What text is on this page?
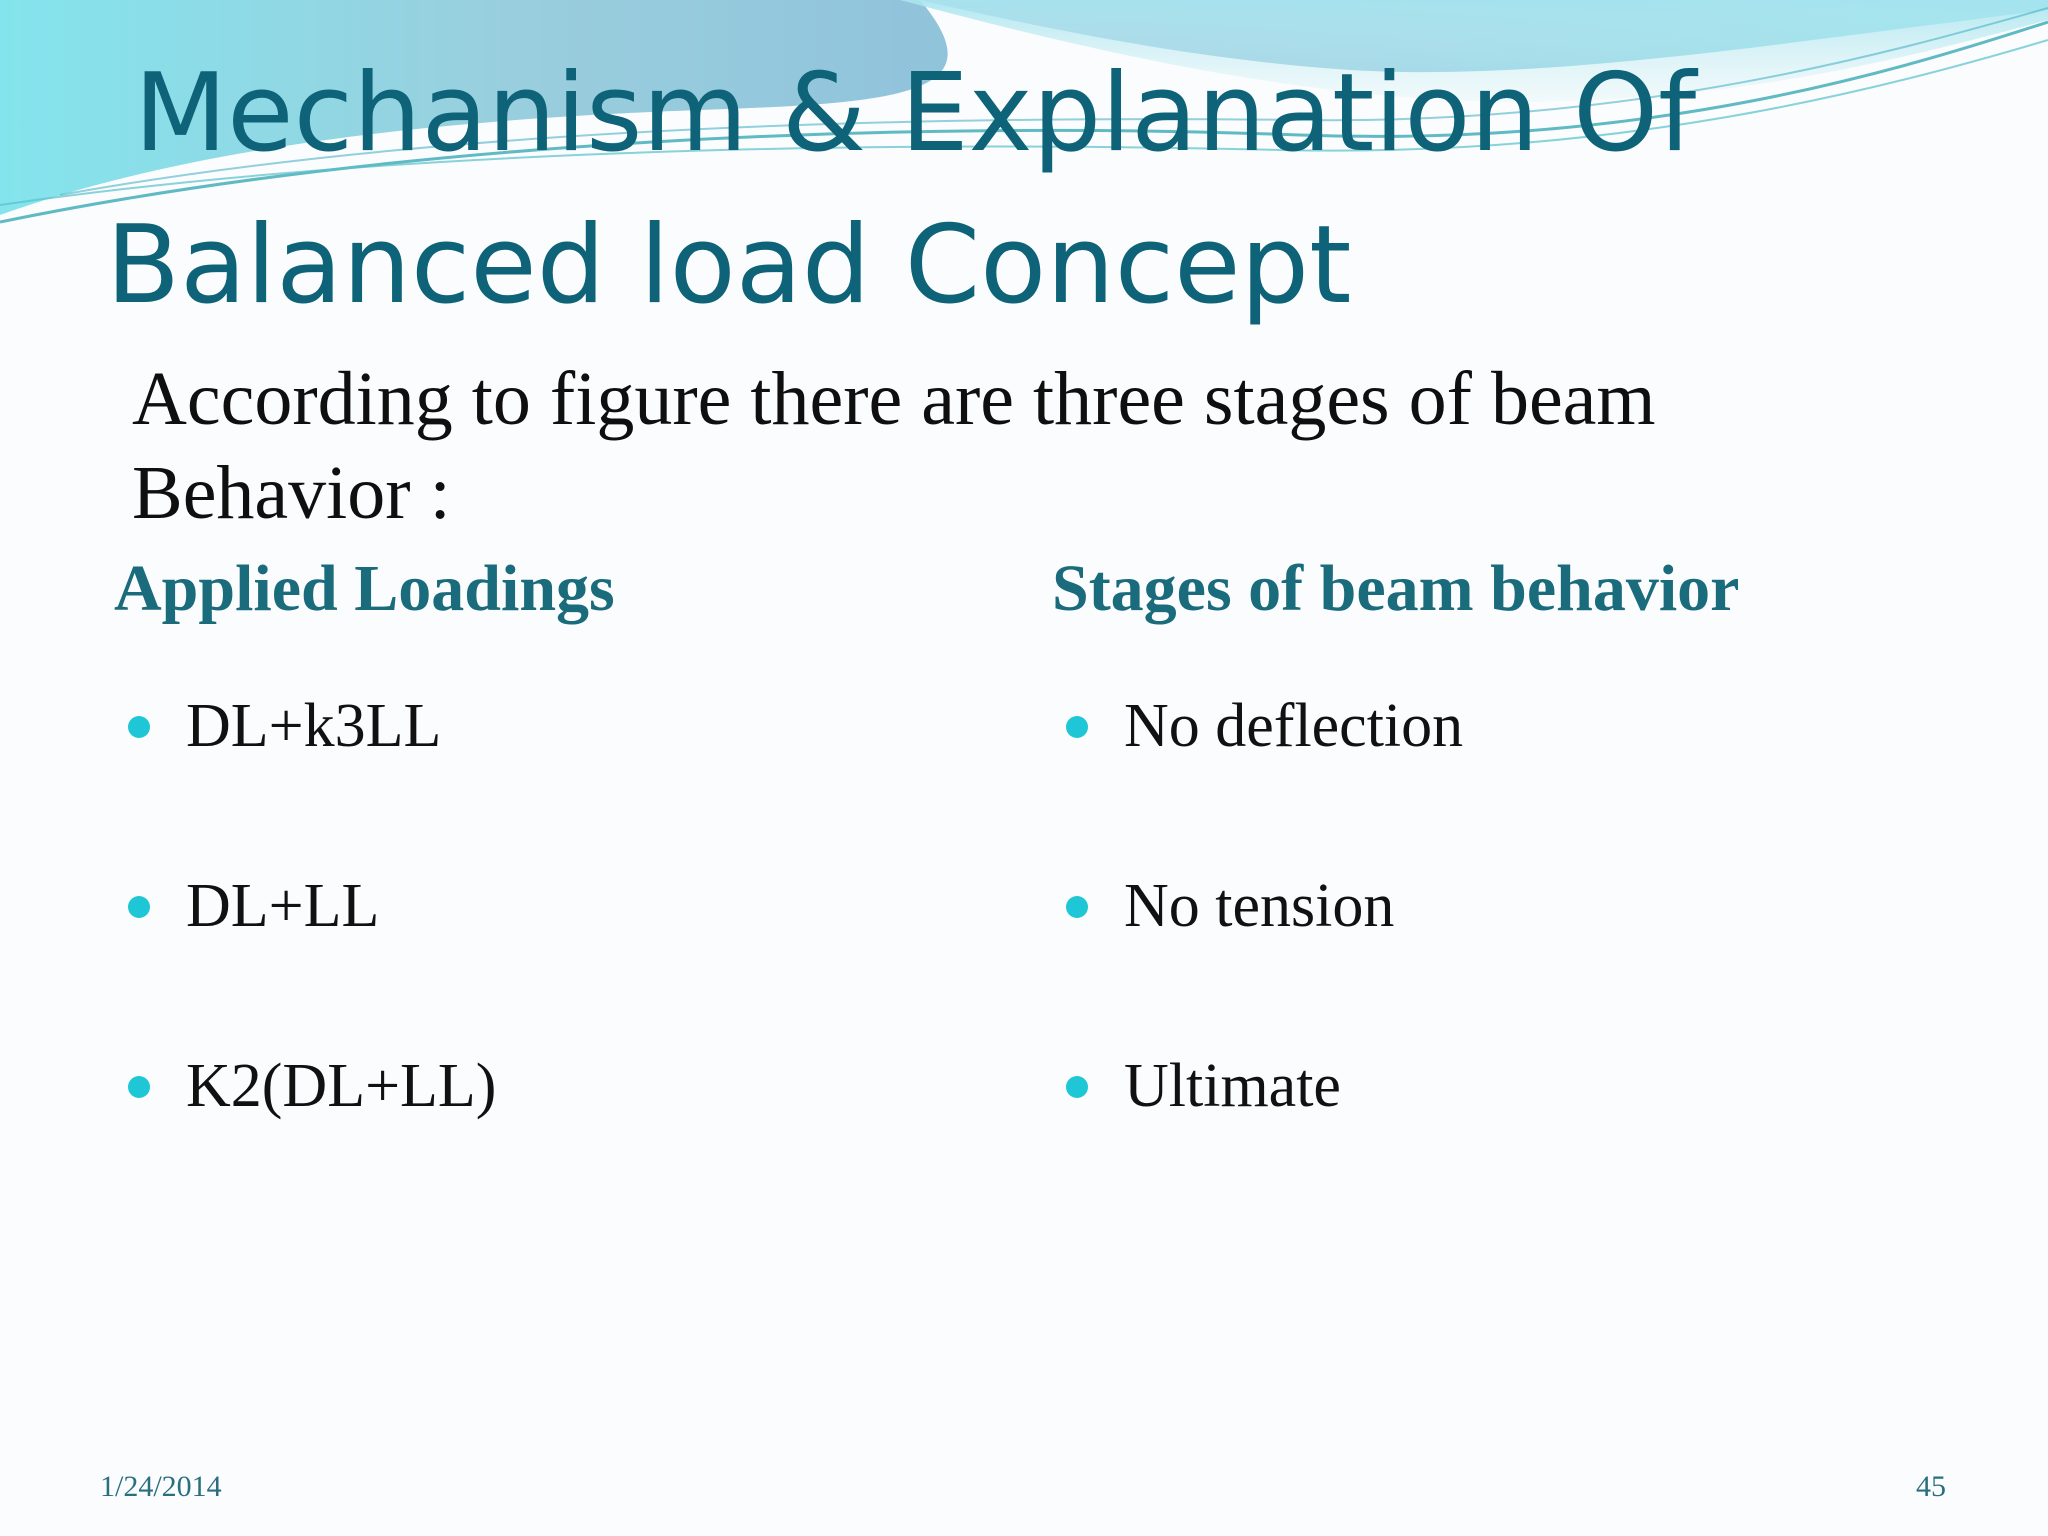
Mechanism & Explanation Of
Balanced load Concept

According to figure there are three stages of beam
Behavior :

Applied Loadings	Stages of beam behavior
DL+k3LL
DL+LL
K2(DL+LL)
No deflection
No tension
Ultimate
1/24/2014	45
